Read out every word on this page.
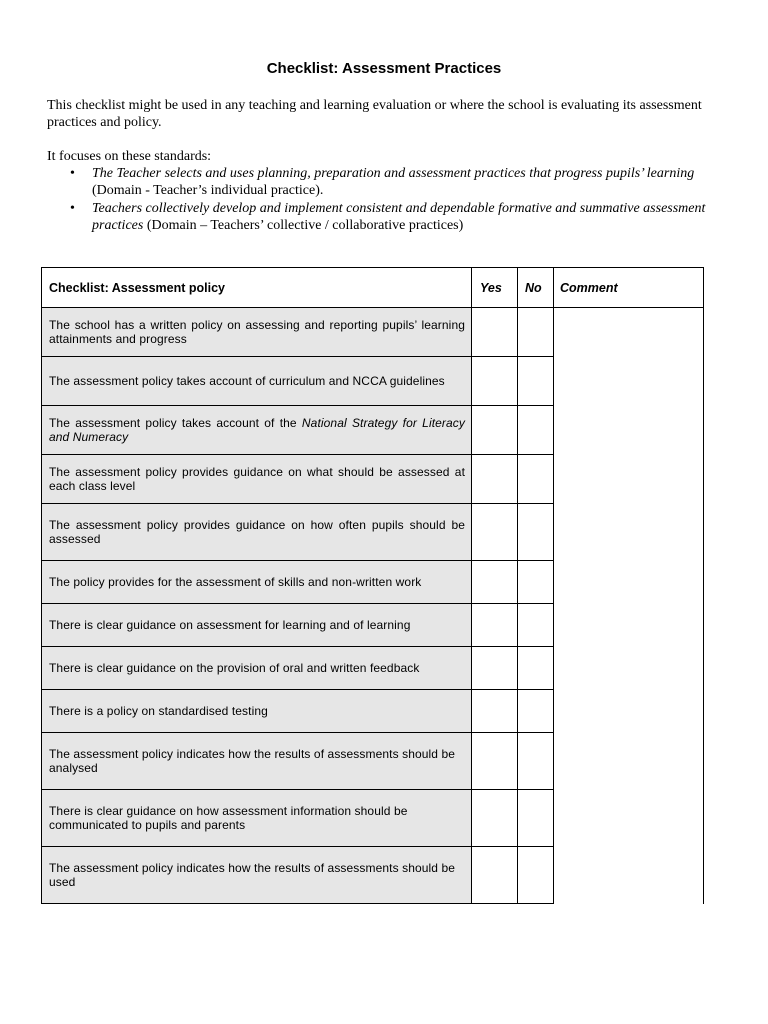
Checklist: Assessment Practices

This checklist might be used in any teaching and learning evaluation or where the school is evaluating its assessment practices and policy.

It focuses on these standards:

• The Teacher selects and uses planning, preparation and assessment practices that progress pupils’ learning (Domain - Teacher’s individual practice).
• Teachers collectively develop and implement consistent and dependable formative and summative assessment practices (Domain – Teachers’ collective / collaborative practices)
Checklist: Assessment policy	Yes	No	Comment
The school has a written policy on assessing and reporting pupils’ learning attainments and progress			
The assessment policy takes account of curriculum and NCCA guidelines			
The assessment policy takes account of the National Strategy for Literacy and Numeracy			
The assessment policy provides guidance on what should be assessed at each class level			
The assessment policy provides guidance on how often pupils should be assessed			
The policy provides for the assessment of skills and non-written work			
There is clear guidance on assessment for learning and of learning			
There is clear guidance on the provision of oral and written feedback			
There is a policy on standardised testing			
The assessment policy indicates how the results of assessments should be analysed			
There is clear guidance on how assessment information should be communicated to pupils and parents			
The assessment policy indicates how the results of assessments should be used			
